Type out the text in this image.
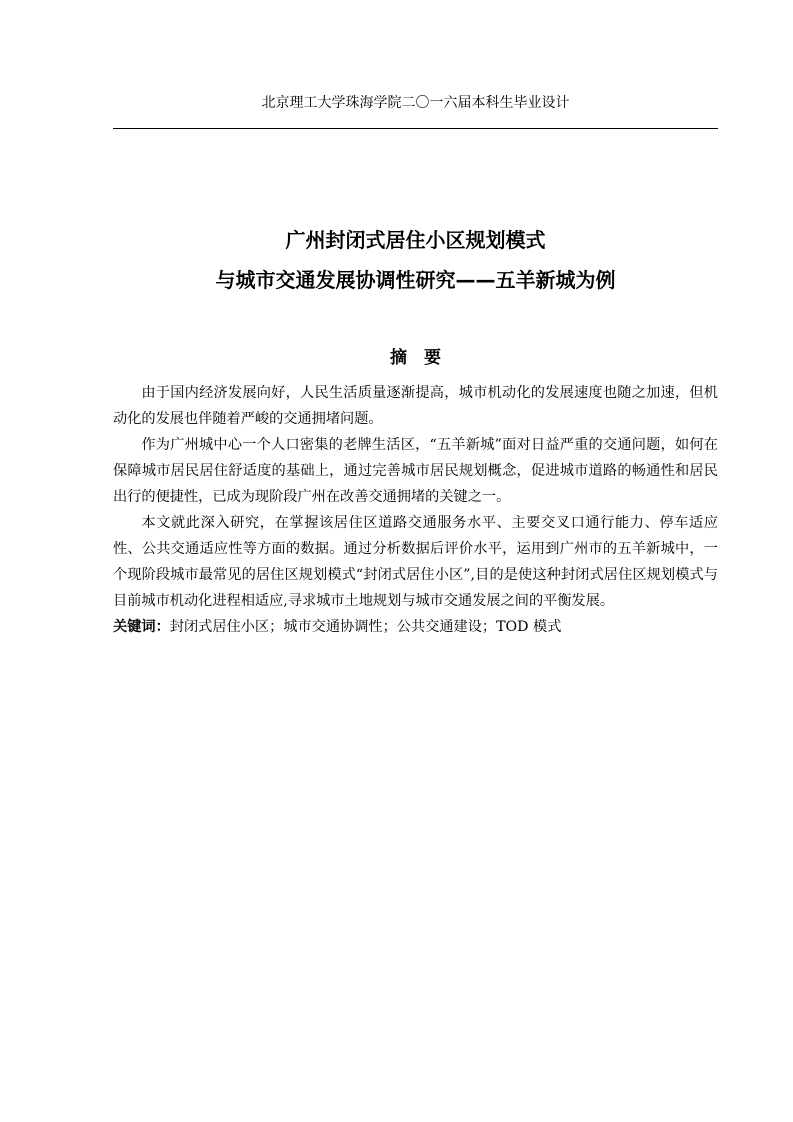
北京理工大学珠海学院二〇一六届本科生毕业设计
广州封闭式居住小区规划模式
与城市交通发展协调性研究——五羊新城为例
摘　要

由于国内经济发展向好，人民生活质量逐渐提高，城市机动化的发展速度也随之加速，但机动化的发展也伴随着严峻的交通拥堵问题。

作为广州城中心一个人口密集的老牌生活区，“五羊新城”面对日益严重的交通问题，如何在保障城市居民居住舒适度的基础上，通过完善城市居民规划概念，促进城市道路的畅通性和居民出行的便捷性，已成为现阶段广州在改善交通拥堵的关键之一。

本文就此深入研究，在掌握该居住区道路交通服务水平、主要交叉口通行能力、停车适应性、公共交通适应性等方面的数据。通过分析数据后评价水平，运用到广州市的五羊新城中，一个现阶段城市最常见的居住区规划模式“封闭式居住小区”,目的是使这种封闭式居住区规划模式与目前城市机动化进程相适应,寻求城市土地规划与城市交通发展之间的平衡发展。

关键词：封闭式居住小区；城市交通协调性；公共交通建设；TOD 模式
